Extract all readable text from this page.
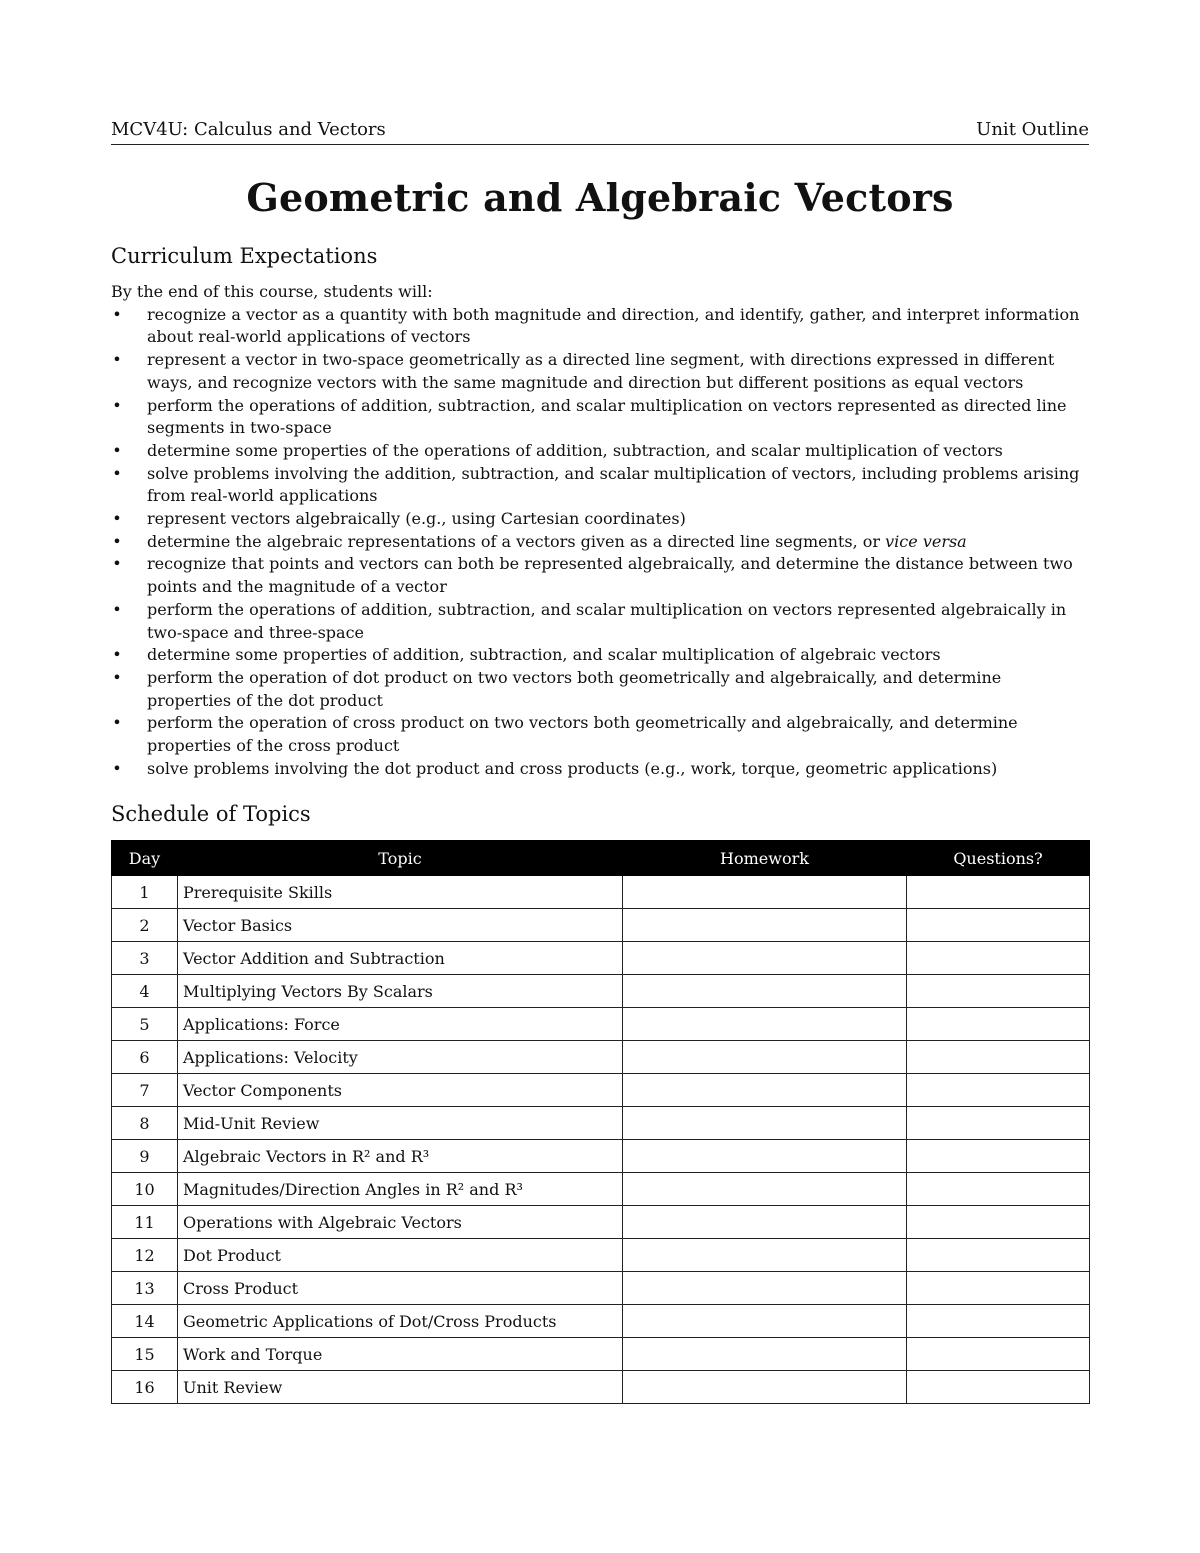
MCV4U: Calculus and Vectors	Unit Outline
Geometric and Algebraic Vectors
Curriculum Expectations
By the end of this course, students will:
• recognize a vector as a quantity with both magnitude and direction, and identify, gather, and interpret information about real-world applications of vectors
• represent a vector in two-space geometrically as a directed line segment, with directions expressed in different ways, and recognize vectors with the same magnitude and direction but different positions as equal vectors
• perform the operations of addition, subtraction, and scalar multiplication on vectors represented as directed line segments in two-space
• determine some properties of the operations of addition, subtraction, and scalar multiplication of vectors
• solve problems involving the addition, subtraction, and scalar multiplication of vectors, including problems arising from real-world applications
• represent vectors algebraically (e.g., using Cartesian coordinates)
• determine the algebraic representations of a vectors given as a directed line segments, or vice versa
• recognize that points and vectors can both be represented algebraically, and determine the distance between two points and the magnitude of a vector
• perform the operations of addition, subtraction, and scalar multiplication on vectors represented algebraically in two-space and three-space
• determine some properties of addition, subtraction, and scalar multiplication of algebraic vectors
• perform the operation of dot product on two vectors both geometrically and algebraically, and determine properties of the dot product
• perform the operation of cross product on two vectors both geometrically and algebraically, and determine properties of the cross product
• solve problems involving the dot product and cross products (e.g., work, torque, geometric applications)
Schedule of Topics
Day	Topic	Homework	Questions?
1	Prerequisite Skills		
2	Vector Basics		
3	Vector Addition and Subtraction		
4	Multiplying Vectors By Scalars		
5	Applications: Force		
6	Applications: Velocity		
7	Vector Components		
8	Mid-Unit Review		
9	Algebraic Vectors in R² and R³		
10	Magnitudes/Direction Angles in R² and R³		
11	Operations with Algebraic Vectors		
12	Dot Product		
13	Cross Product		
14	Geometric Applications of Dot/Cross Products		
15	Work and Torque		
16	Unit Review		
